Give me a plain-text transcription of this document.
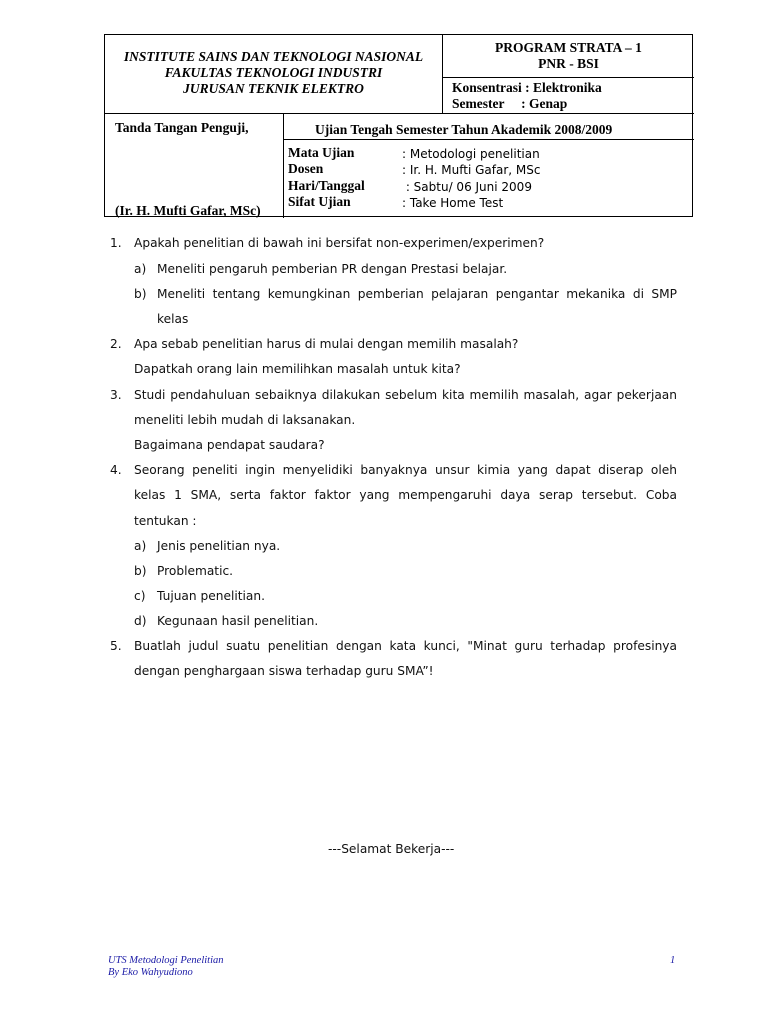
INSTITUTE SAINS DAN TEKNOLOGI NASIONAL
FAKULTAS TEKNOLOGI INDUSTRI
JURUSAN TEKNIK ELEKTRO
PROGRAM STRATA – 1
PNR - BSI
Konsentrasi : Elektronika
Semester     : Genap
Tanda Tangan Penguji,
(Ir. H. Mufti Gafar, MSc)
Ujian Tengah Semester Tahun Akademik 2008/2009
Mata Ujian	: Metodologi penelitian
Dosen	: Ir. H. Mufti Gafar, MSc
Hari/Tanggal	: Sabtu/ 06 Juni 2009
Sifat Ujian	: Take Home Test
1. Apakah penelitian di bawah ini bersifat non-experimen/experimen?
a) Meneliti pengaruh pemberian PR dengan Prestasi belajar.
b) Meneliti tentang kemungkinan pemberian pelajaran pengantar mekanika di SMP
kelas
2. Apa sebab penelitian harus di mulai dengan memilih masalah?
Dapatkah orang lain memilihkan masalah untuk kita?
3. Studi pendahuluan sebaiknya dilakukan sebelum kita memilih masalah, agar pekerjaan
meneliti lebih mudah di laksanakan.
Bagaimana pendapat saudara?
4. Seorang peneliti ingin menyelidiki banyaknya unsur kimia yang dapat diserap oleh
kelas 1 SMA, serta faktor faktor yang mempengaruhi daya serap tersebut. Coba
tentukan :
a) Jenis penelitian nya.
b) Problematic.
c) Tujuan penelitian.
d) Kegunaan hasil penelitian.
5. Buatlah judul suatu penelitian dengan kata kunci, "Minat guru terhadap profesinya
dengan penghargaan siswa terhadap guru SMA”!
---Selamat Bekerja---
UTS Metodologi Penelitian
By Eko Wahyudiono
1
